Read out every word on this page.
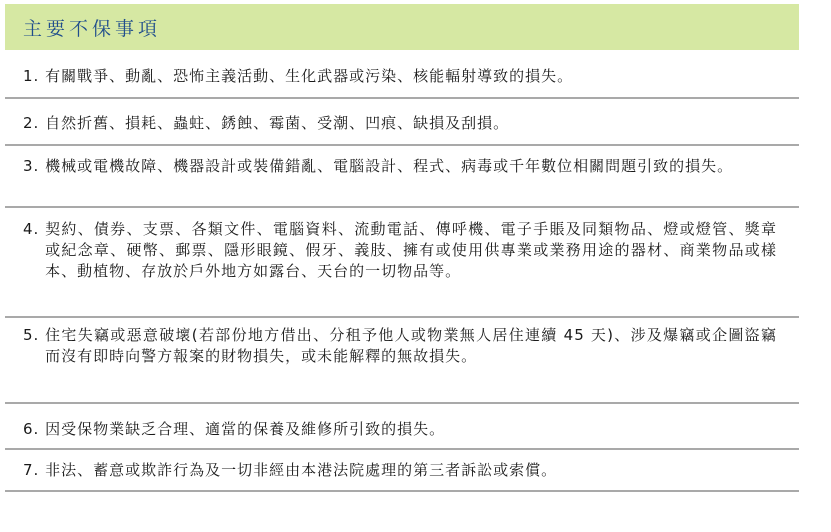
主要不保事項
1. 有關戰爭、動亂、恐怖主義活動、生化武器或污染、核能輻射導致的損失。
2. 自然折舊、損耗、蟲蛀、銹蝕、霉菌、受潮、凹痕、缺損及刮損。
3. 機械或電機故障、機器設計或裝備錯亂、電腦設計、程式、病毒或千年數位相關問題引致的損失。
4. 契約、債券、支票、各類文件、電腦資料、流動電話、傳呼機、電子手賬及同類物品、燈或燈管、獎章或紀念章、硬幣、郵票、隱形眼鏡、假牙、義肢、擁有或使用供專業或業務用途的器材、商業物品或樣本、動植物、存放於戶外地方如露台、天台的一切物品等。
5. 住宅失竊或惡意破壞(若部份地方借出、分租予他人或物業無人居住連續 45 天)、涉及爆竊或企圖盜竊而沒有即時向警方報案的財物損失，或未能解釋的無故損失。
6. 因受保物業缺乏合理、適當的保養及維修所引致的損失。
7. 非法、蓄意或欺詐行為及一切非經由本港法院處理的第三者訴訟或索償。
